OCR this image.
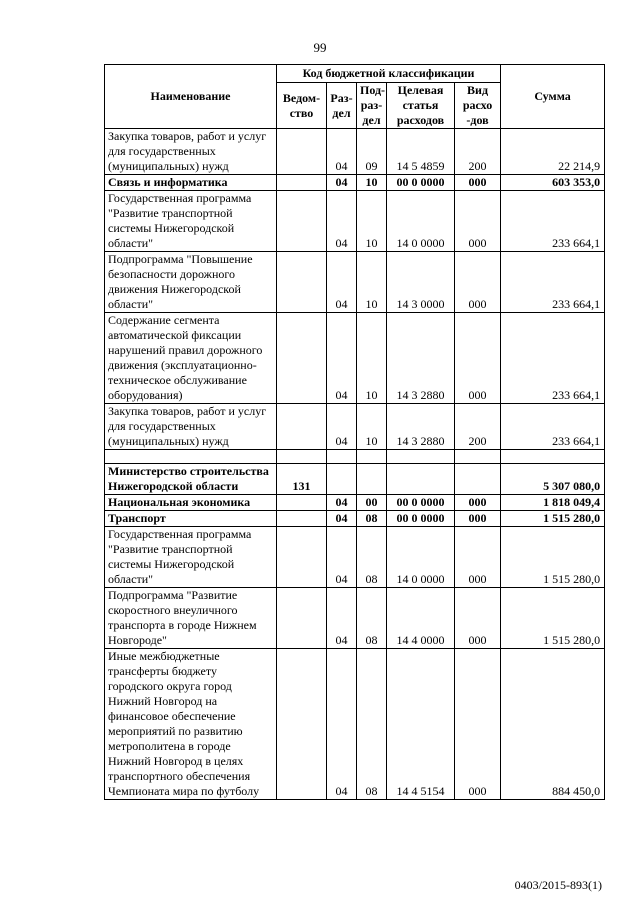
99
Наименование	Код бюджетной классификации					Сумма
	Ведом-ство	Раз-дел	Под-раз-дел	Целевая статья расходов	Вид расхо -дов	
Закупка товаров, работ и услуг для государственных (муниципальных) нужд		04	09	14 5 4859	200	22 214,9
Связь и информатика		04	10	00 0 0000	000	603 353,0
Государственная программа "Развитие транспортной системы Нижегородской области"		04	10	14 0 0000	000	233 664,1
Подпрограмма "Повышение безопасности дорожного движения Нижегородской области"		04	10	14 3 0000	000	233 664,1
Содержание сегмента автоматической фиксации нарушений правил дорожного движения (эксплуатационно-техническое обслуживание оборудования)		04	10	14 3 2880	000	233 664,1
Закупка товаров, работ и услуг для государственных (муниципальных) нужд		04	10	14 3 2880	200	233 664,1

Министерство строительства Нижегородской области	131					5 307 080,0
Национальная экономика		04	00	00 0 0000	000	1 818 049,4
Транспорт		04	08	00 0 0000	000	1 515 280,0
Государственная программа "Развитие транспортной системы Нижегородской области"		04	08	14 0 0000	000	1 515 280,0
Подпрограмма "Развитие скоростного внеуличного транспорта в городе Нижнем Новгороде"		04	08	14 4 0000	000	1 515 280,0
Иные межбюджетные трансферты бюджету городского округа город Нижний Новгород на финансовое обеспечение мероприятий по развитию метрополитена в городе Нижний Новгород в целях транспортного обеспечения Чемпионата мира по футболу		04	08	14 4 5154	000	884 450,0
0403/2015-893(1)
